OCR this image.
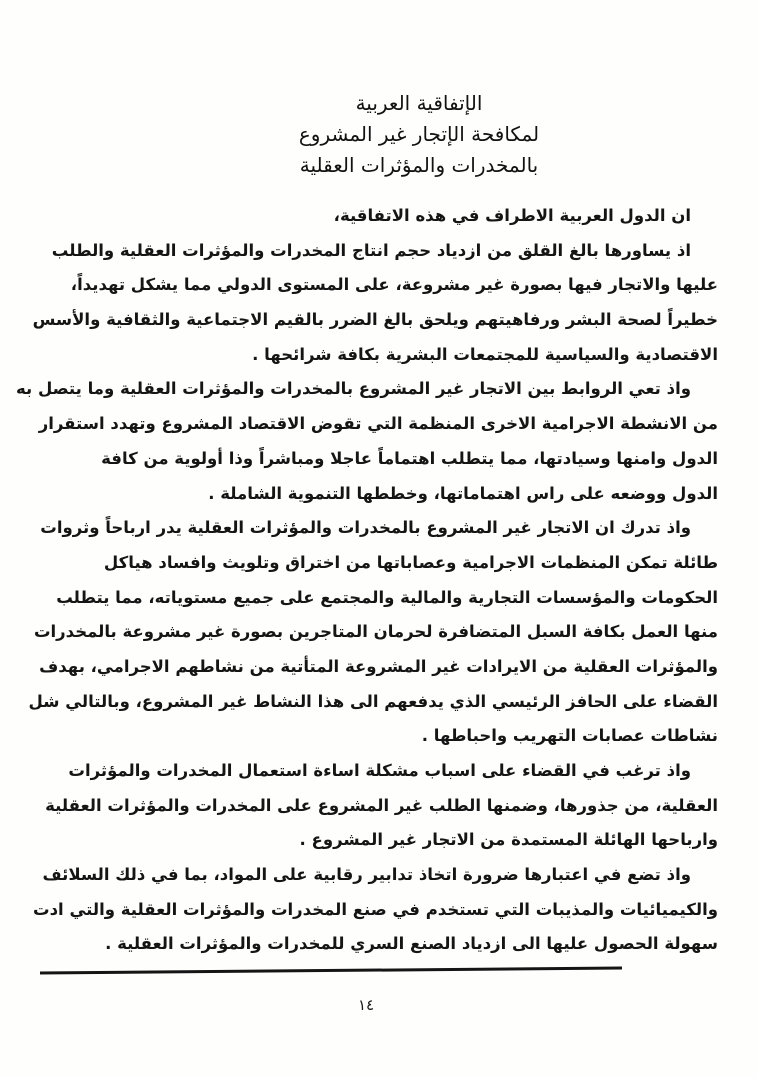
الإتفاقية العربية
لمكافحة الإتجار غير المشروع
بالمخدرات والمؤثرات العقلية
ان الدول العربية الاطراف في هذه الاتفاقية،
اذ يساورها بالغ القلق من ازدياد حجم انتاج المخدرات والمؤثرات العقلية والطلب
عليها والاتجار فيها بصورة غير مشروعة، على المستوى الدولي مما يشكل تهديداً،
خطيراً لصحة البشر ورفاهيتهم ويلحق بالغ الضرر بالقيم الاجتماعية والثقافية والأسس
الاقتصادية والسياسية للمجتمعات البشرية بكافة شرائحها .
واذ تعي الروابط بين الاتجار غير المشروع بالمخدرات والمؤثرات العقلية وما يتصل به
من الانشطة الاجرامية الاخرى المنظمة التي تقوض الاقتصاد المشروع وتهدد استقرار
الدول وامنها وسيادتها، مما يتطلب اهتماماً عاجلا ومباشراً وذا أولوية من كافة
الدول ووضعه على راس اهتماماتها، وخططها التنموية الشاملة .
واذ تدرك ان الاتجار غير المشروع بالمخدرات والمؤثرات العقلية يدر ارباحاً وثروات
طائلة تمكن المنظمات الاجرامية وعصاباتها من اختراق وتلويث وافساد هياكل
الحكومات والمؤسسات التجارية والمالية والمجتمع على جميع مستوياته، مما يتطلب
منها العمل بكافة السبل المتضافرة لحرمان المتاجرين بصورة غير مشروعة بالمخدرات
والمؤثرات العقلية من الايرادات غير المشروعة المتأتية من نشاطهم الاجرامي، بهدف
القضاء على الحافز الرئيسي الذي يدفعهم الى هذا النشاط غير المشروع، وبالتالي شل
نشاطات عصابات التهريب واحباطها .
واذ ترغب في القضاء على اسباب مشكلة اساءة استعمال المخدرات والمؤثرات
العقلية، من جذورها، وضمنها الطلب غير المشروع على المخدرات والمؤثرات العقلية
وارباحها الهائلة المستمدة من الاتجار غير المشروع .
واذ تضع في اعتبارها ضرورة اتخاذ تدابير رقابية على المواد، بما في ذلك السلائف
والكيميائيات والمذيبات التي تستخدم في صنع المخدرات والمؤثرات العقلية والتي ادت
سهولة الحصول عليها الى ازدياد الصنع السري للمخدرات والمؤثرات العقلية .
١٤
